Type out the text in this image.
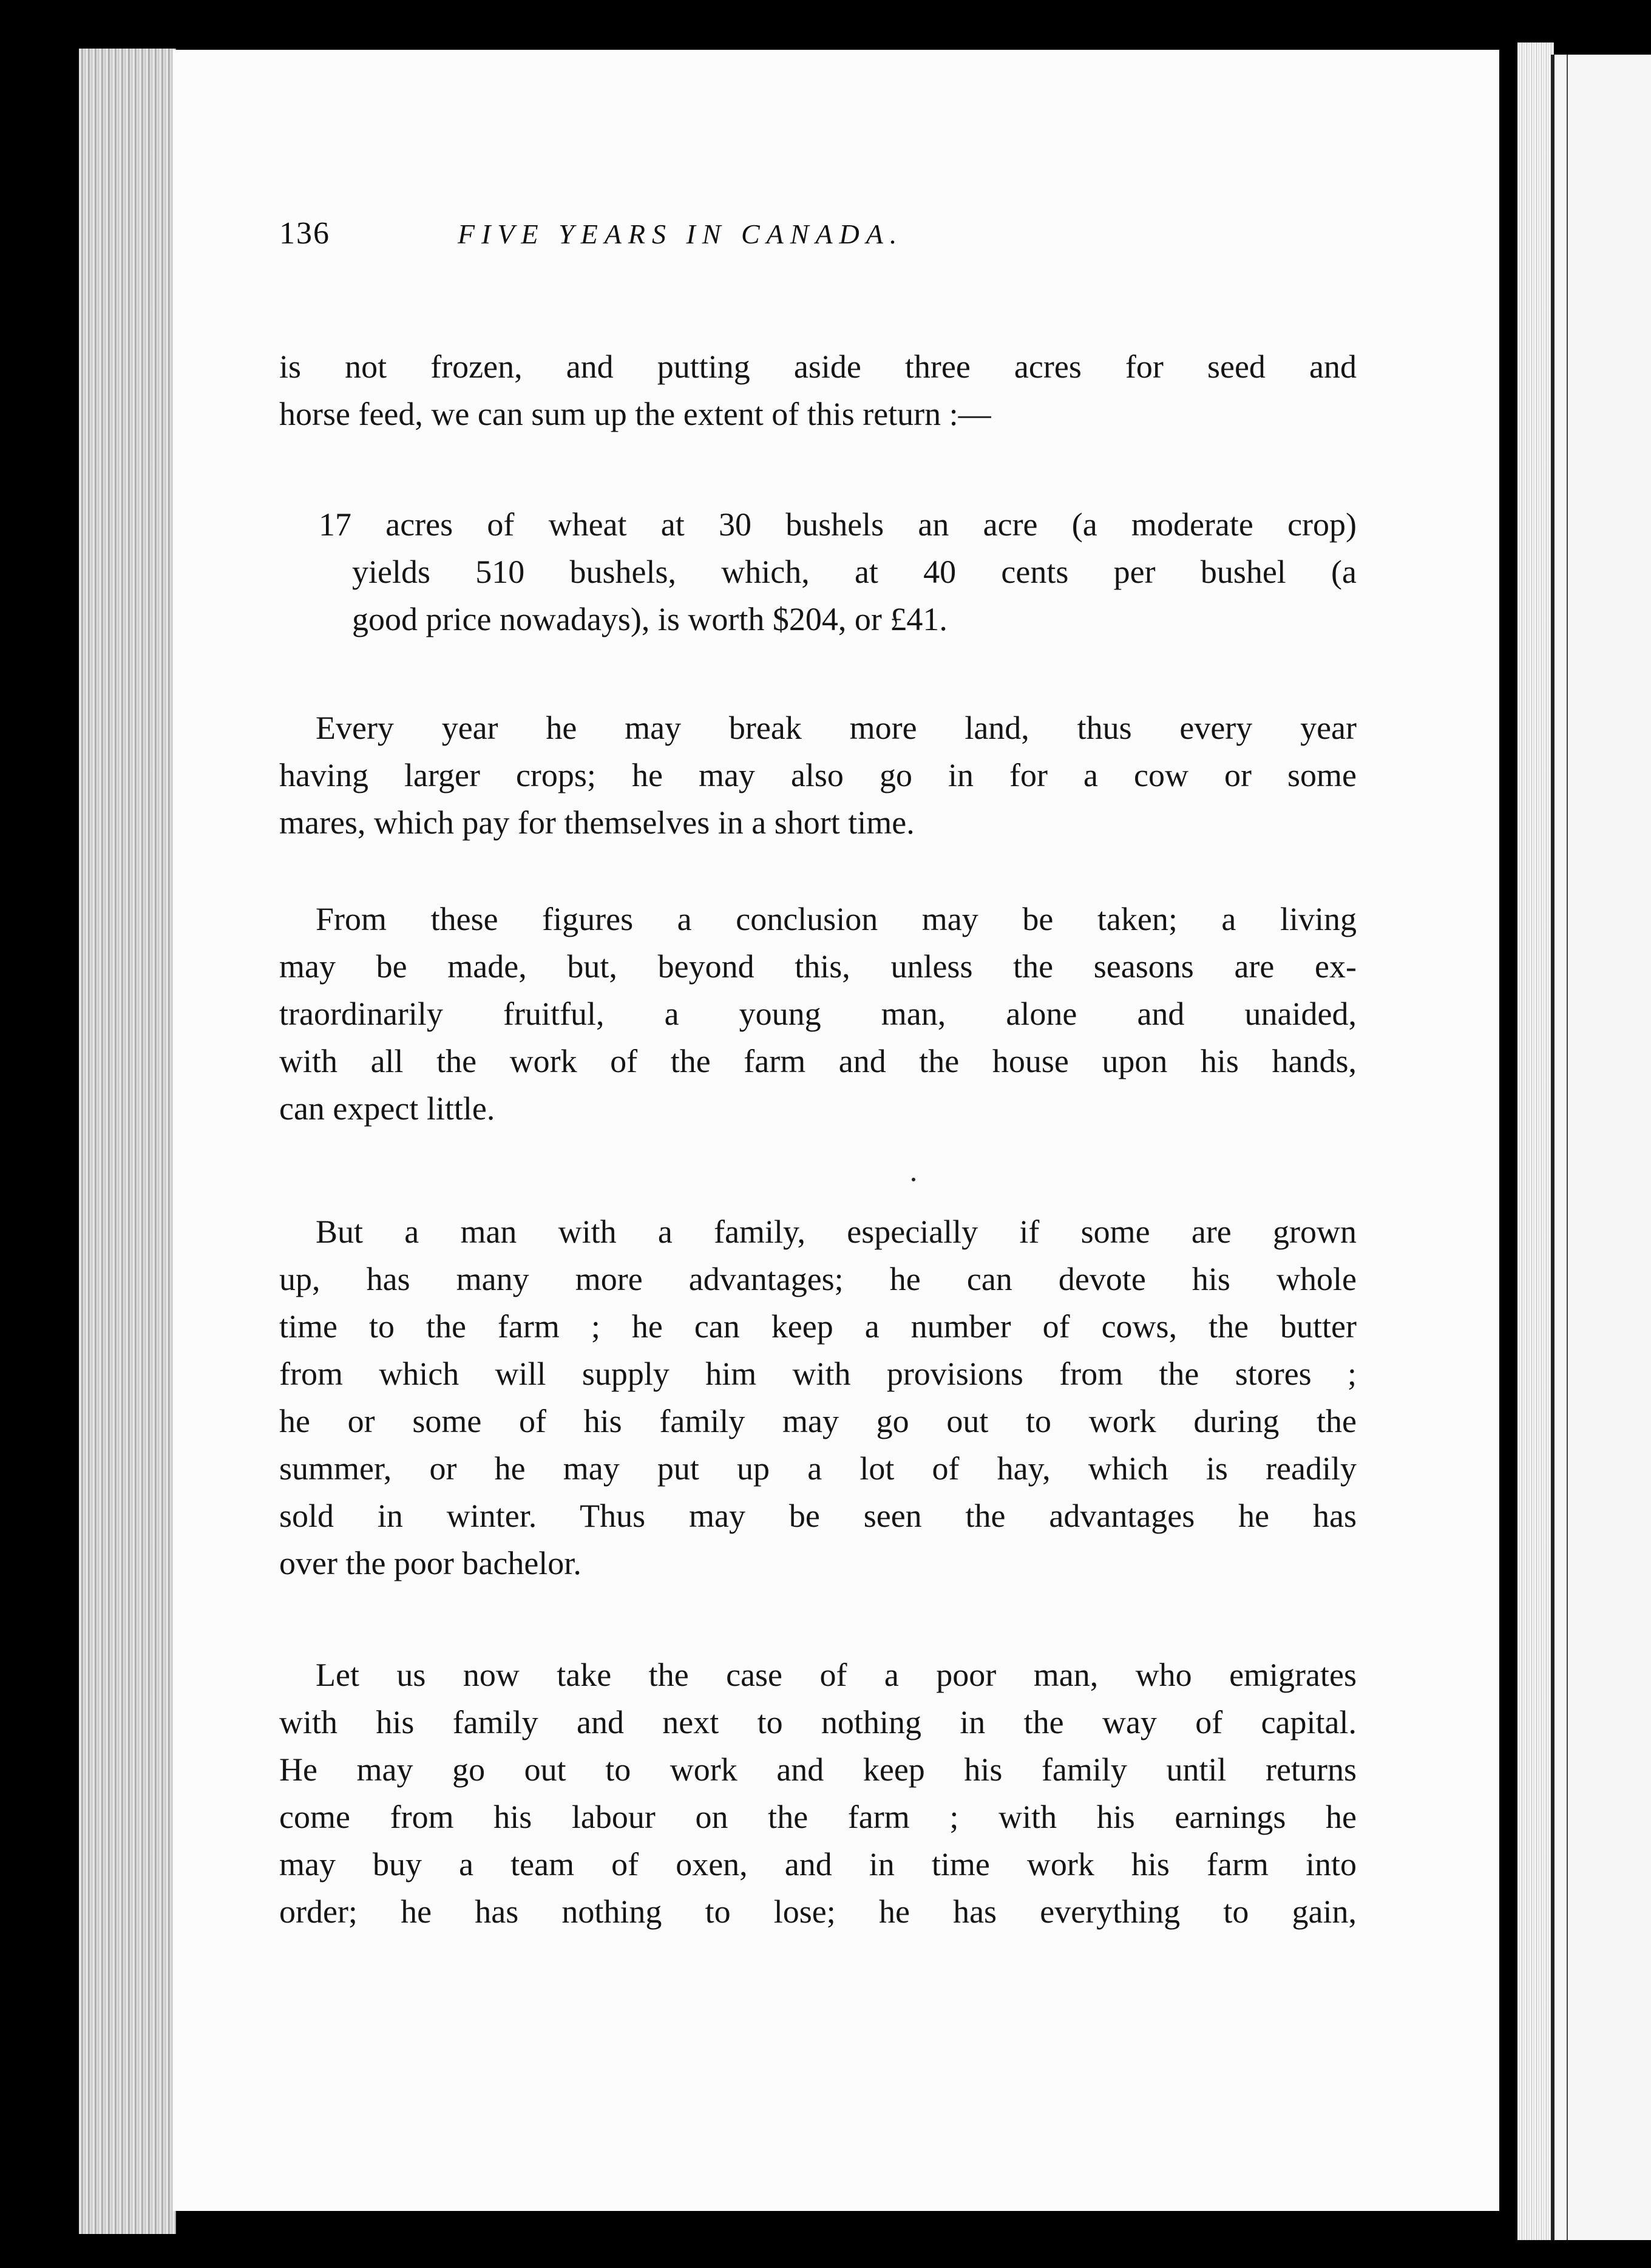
136	FIVE YEARS IN CANADA.
is not frozen, and putting aside three acres for seed and
horse feed, we can sum up the extent of this return :—
17 acres of wheat at 30 bushels an acre (a moderate crop)
yields 510 bushels, which, at 40 cents per bushel (a
good price nowadays), is worth $204, or £41.
Every year he may break more land, thus every year
having larger crops; he may also go in for a cow or some
mares, which pay for themselves in a short time.
From these figures a conclusion may be taken; a living
may be made, but, beyond this, unless the seasons are ex-
traordinarily fruitful, a young man, alone and unaided,
with all the work of the farm and the house upon his hands,
can expect little.
But a man with a family, especially if some are grown
up, has many more advantages; he can devote his whole
time to the farm ; he can keep a number of cows, the butter
from which will supply him with provisions from the stores ;
he or some of his family may go out to work during the
summer, or he may put up a lot of hay, which is readily
sold in winter. Thus may be seen the advantages he has
over the poor bachelor.
Let us now take the case of a poor man, who emigrates
with his family and next to nothing in the way of capital.
He may go out to work and keep his family until returns
come from his labour on the farm ; with his earnings he
may buy a team of oxen, and in time work his farm into
order; he has nothing to lose; he has everything to gain,
